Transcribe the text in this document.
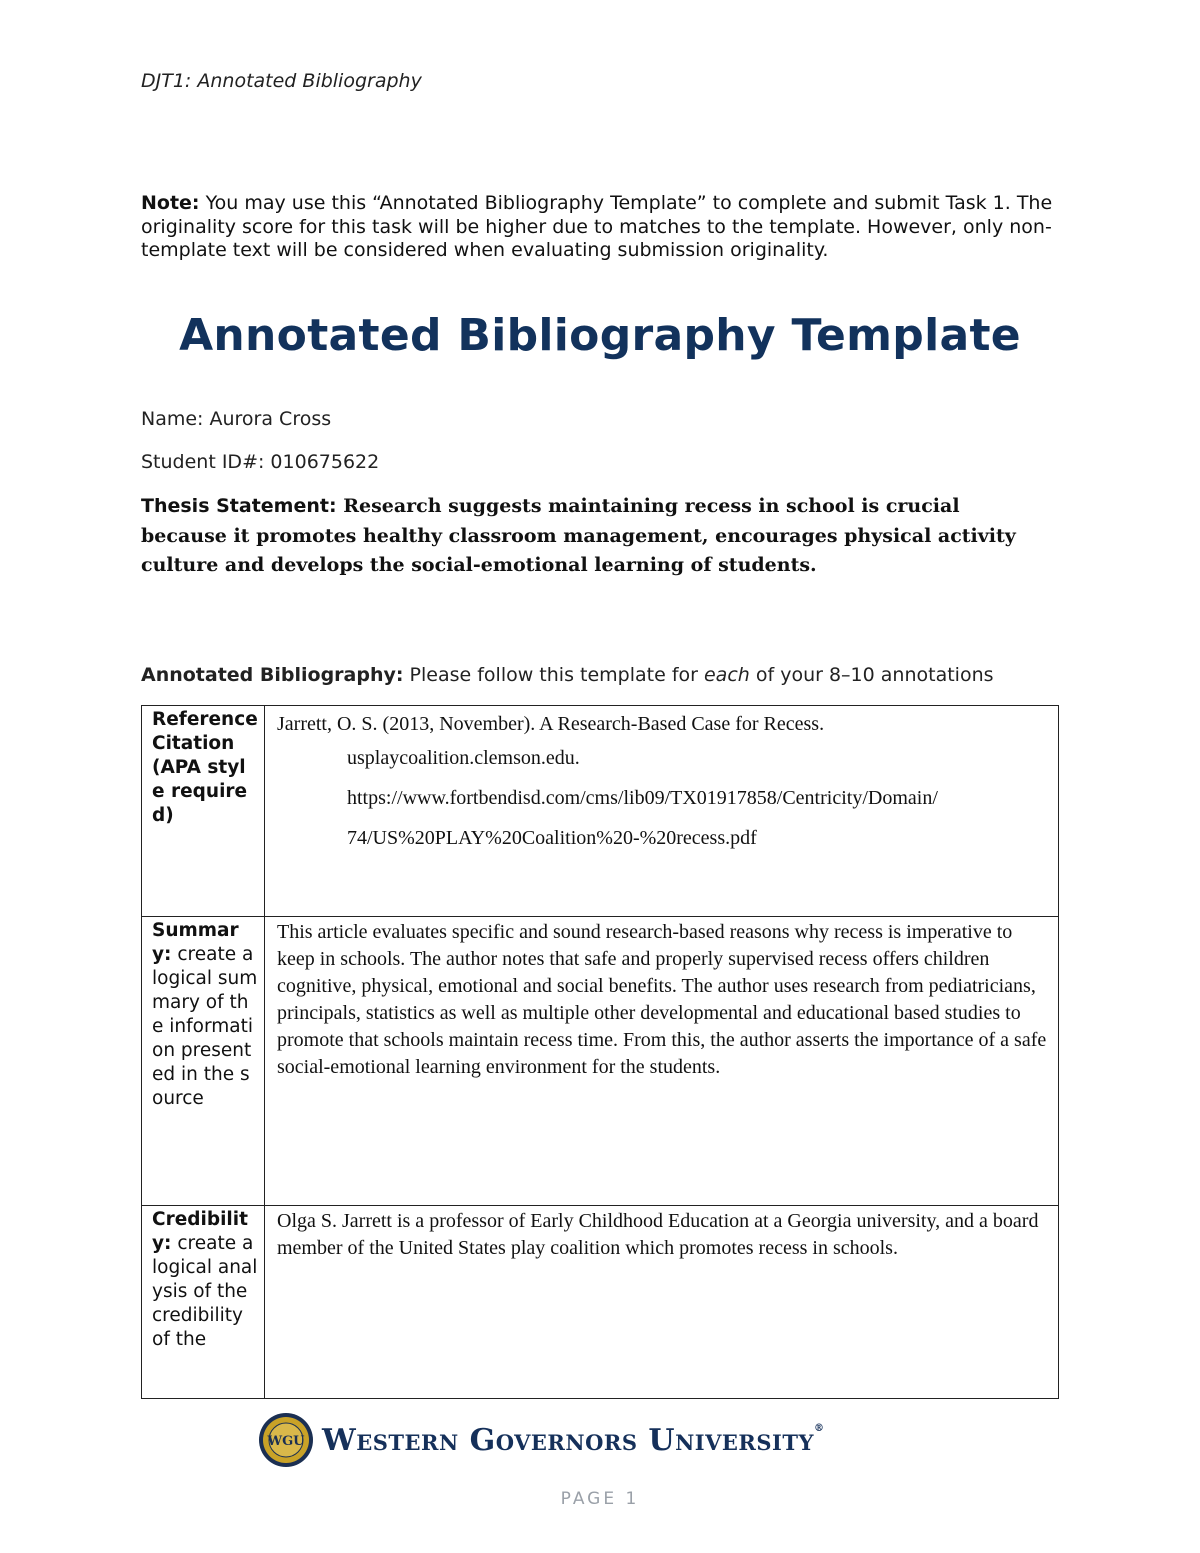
DJT1: Annotated Bibliography
Note: You may use this “Annotated Bibliography Template” to complete and submit Task 1. The originality score for this task will be higher due to matches to the template. However, only non-template text will be considered when evaluating submission originality.
Annotated Bibliography Template
Name: Aurora Cross
Student ID#: 010675622
Thesis Statement: Research suggests maintaining recess in school is crucial because it promotes healthy classroom management, encourages physical activity culture and develops the social-emotional learning of students.
Annotated Bibliography: Please follow this template for each of your 8–10 annotations
Reference Citation (APA style required)	Jarrett, O. S. (2013, November). A Research-Based Case for Recess.
usplaycoalition.clemson.edu.
https://www.fortbendisd.com/cms/lib09/TX01917858/Centricity/Domain/
74/US%20PLAY%20Coalition%20-%20recess.pdf

Summary: create a logical summary of the information presented in the source	This article evaluates specific and sound research-based reasons why recess is imperative to keep in schools. The author notes that safe and properly supervised recess offers children cognitive, physical, emotional and social benefits. The author uses research from pediatricians, principals, statistics as well as multiple other developmental and educational based studies to promote that schools maintain recess time. From this, the author asserts the importance of a safe social-emotional learning environment for the students.

Credibility: create a logical analysis of the credibility of the	Olga S. Jarrett is a professor of Early Childhood Education at a Georgia university, and a board member of the United States play coalition which promotes recess in schools.
WGU Western Governors University®
PAGE 1
